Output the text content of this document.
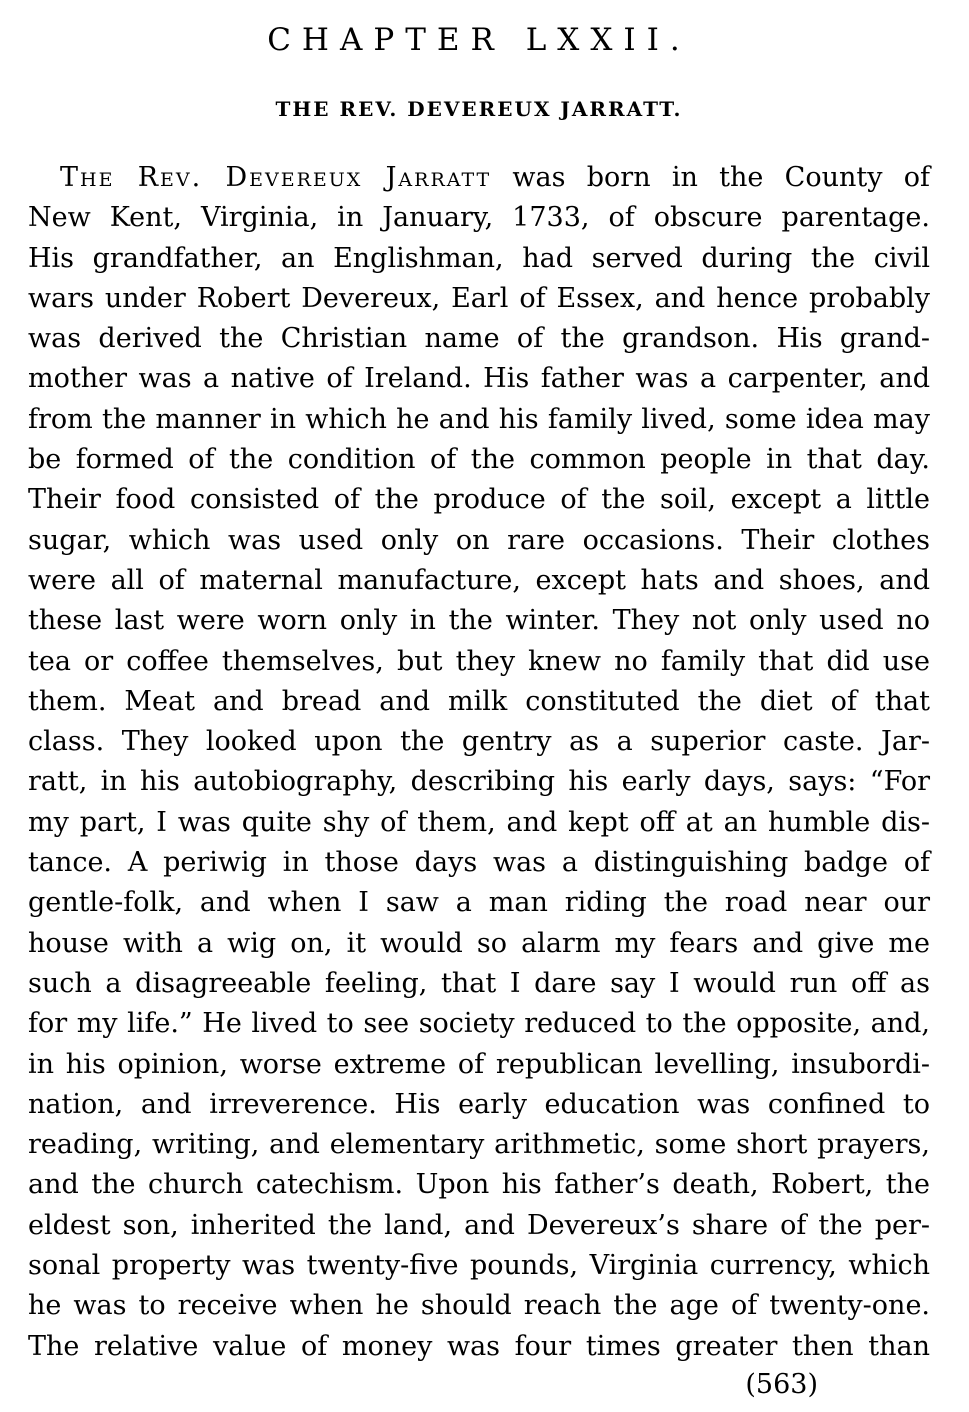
CHAPTER LXXII.
THE REV. DEVEREUX JARRATT.
The Rev. Devereux Jarratt was born in the County of
New Kent, Virginia, in January, 1733, of obscure parentage.
His grandfather, an Englishman, had served during the civil
wars under Robert Devereux, Earl of Essex, and hence probably
was derived the Christian name of the grandson. His grand-
mother was a native of Ireland. His father was a carpenter, and
from the manner in which he and his family lived, some idea may
be formed of the condition of the common people in that day.
Their food consisted of the produce of the soil, except a little
sugar, which was used only on rare occasions. Their clothes
were all of maternal manufacture, except hats and shoes, and
these last were worn only in the winter. They not only used no
tea or coffee themselves, but they knew no family that did use
them. Meat and bread and milk constituted the diet of that
class. They looked upon the gentry as a superior caste. Jar-
ratt, in his autobiography, describing his early days, says: “For
my part, I was quite shy of them, and kept off at an humble dis-
tance. A periwig in those days was a distinguishing badge of
gentle-folk, and when I saw a man riding the road near our
house with a wig on, it would so alarm my fears and give me
such a disagreeable feeling, that I dare say I would run off as
for my life.” He lived to see society reduced to the opposite, and,
in his opinion, worse extreme of republican levelling, insubordi-
nation, and irreverence. His early education was confined to
reading, writing, and elementary arithmetic, some short prayers,
and the church catechism. Upon his father’s death, Robert, the
eldest son, inherited the land, and Devereux’s share of the per-
sonal property was twenty-five pounds, Virginia currency, which
he was to receive when he should reach the age of twenty-one.
The relative value of money was four times greater then than
(563)
